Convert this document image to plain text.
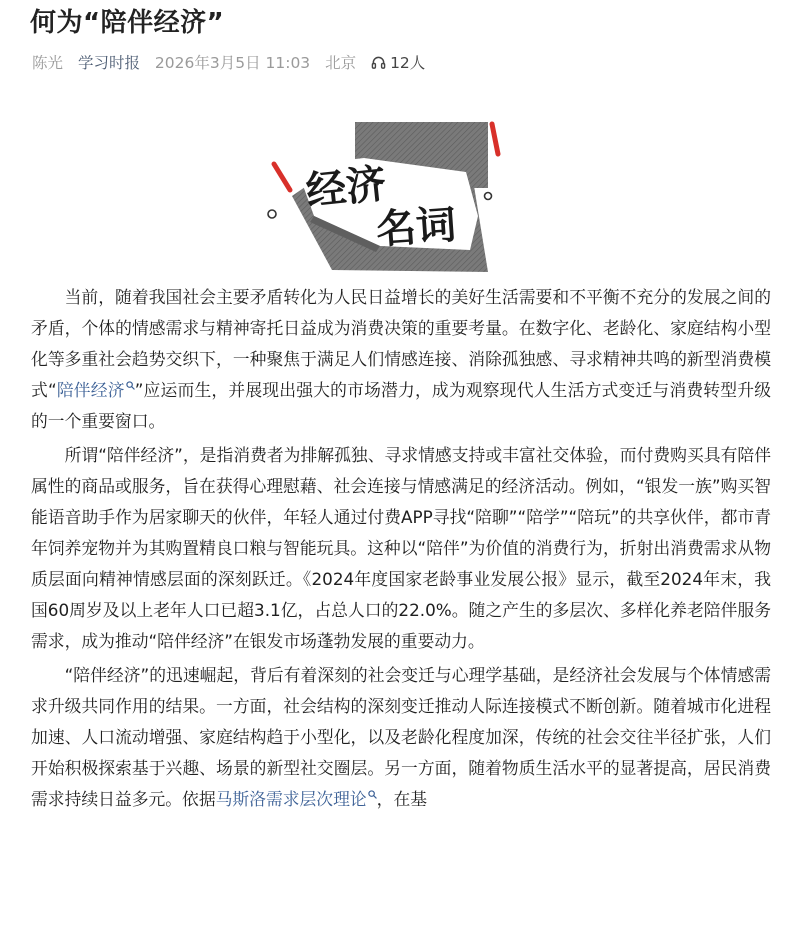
何为“陪伴经济”
陈光 学习时报 2026年3月5日 11:03 北京 12人
经济
名词

当前，随着我国社会主要矛盾转化为人民日益增长的美好生活需要和不平衡不充分的发展之间的矛盾，个体的情感需求与精神寄托日益成为消费决策的重要考量。在数字化、老龄化、家庭结构小型化等多重社会趋势交织下，一种聚焦于满足人们情感连接、消除孤独感、寻求精神共鸣的新型消费模式“陪伴经济 ”应运而生，并展现出强大的市场潜力，成为观察现代人生活方式变迁与消费转型升级的一个重要窗口。

所谓“陪伴经济”，是指消费者为排解孤独、寻求情感支持或丰富社交体验，而付费购买具有陪伴属性的商品或服务，旨在获得心理慰藉、社会连接与情感满足的经济活动。例如，“银发一族”购买智能语音助手作为居家聊天的伙伴，年轻人通过付费APP寻找“陪聊”“陪学”“陪玩”的共享伙伴，都市青年饲养宠物并为其购置精良口粮与智能玩具。这种以“陪伴”为价值的消费行为，折射出消费需求从物质层面向精神情感层面的深刻跃迁。《2024年度国家老龄事业发展公报》显示，截至2024年末，我国60周岁及以上老年人口已超3.1亿，占总人口的22.0%。随之产生的多层次、多样化养老陪伴服务需求，成为推动“陪伴经济”在银发市场蓬勃发展的重要动力。

“陪伴经济”的迅速崛起，背后有着深刻的社会变迁与心理学基础，是经济社会发展与个体情感需求升级共同作用的结果。一方面，社会结构的深刻变迁推动人际连接模式不断创新。随着城市化进程加速、人口流动增强、家庭结构趋于小型化，以及老龄化程度加深，传统的社会交往半径扩张，人们开始积极探索基于兴趣、场景的新型社交圈层。另一方面，随着物质生活水平的显著提高，居民消费需求持续日益多元。依据马斯洛需求层次理论 ，在基
